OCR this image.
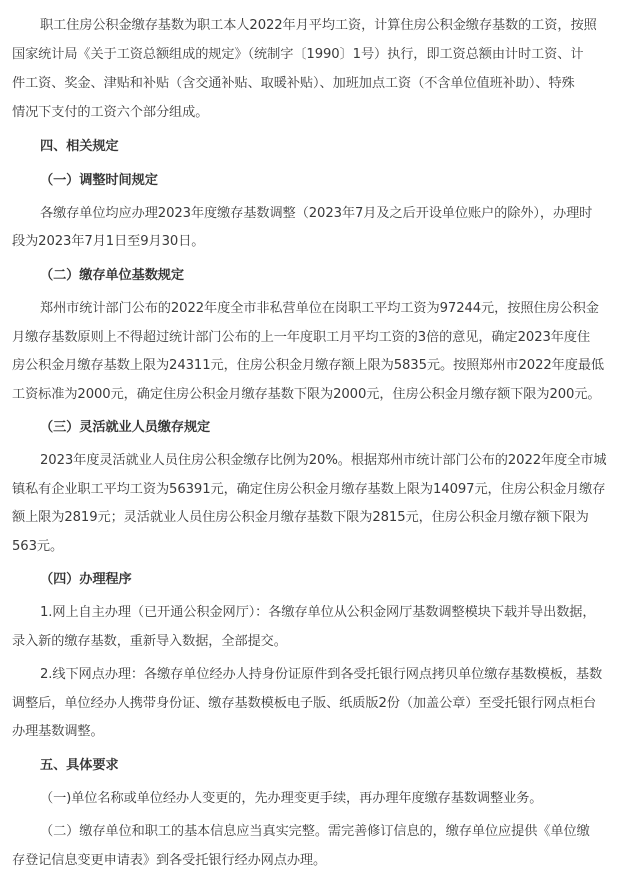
职工住房公积金缴存基数为职工本人2022年月平均工资，计算住房公积金缴存基数的工资，按照
国家统计局《关于工资总额组成的规定》（统制字〔1990〕1号）执行，即工资总额由计时工资、计
件工资、奖金、津贴和补贴（含交通补贴、取暖补贴）、加班加点工资（不含单位值班补助）、特殊
情况下支付的工资六个部分组成。
四、相关规定
（一）调整时间规定
各缴存单位均应办理2023年度缴存基数调整（2023年7月及之后开设单位账户的除外），办理时
段为2023年7月1日至9月30日。
（二）缴存单位基数规定
郑州市统计部门公布的2022年度全市非私营单位在岗职工平均工资为97244元，按照住房公积金
月缴存基数原则上不得超过统计部门公布的上一年度职工月平均工资的3倍的意见，确定2023年度住
房公积金月缴存基数上限为24311元，住房公积金月缴存额上限为5835元。按照郑州市2022年度最低
工资标准为2000元，确定住房公积金月缴存基数下限为2000元，住房公积金月缴存额下限为200元。
（三）灵活就业人员缴存规定
2023年度灵活就业人员住房公积金缴存比例为20%。根据郑州市统计部门公布的2022年度全市城
镇私有企业职工平均工资为56391元，确定住房公积金月缴存基数上限为14097元，住房公积金月缴存
额上限为2819元；灵活就业人员住房公积金月缴存基数下限为2815元，住房公积金月缴存额下限为
563元。
（四）办理程序
1.网上自主办理（已开通公积金网厅）：各缴存单位从公积金网厅基数调整模块下载并导出数据，
录入新的缴存基数，重新导入数据，全部提交。
2.线下网点办理：各缴存单位经办人持身份证原件到各受托银行网点拷贝单位缴存基数模板，基数
调整后，单位经办人携带身份证、缴存基数模板电子版、纸质版2份（加盖公章）至受托银行网点柜台
办理基数调整。
五、具体要求
（一)单位名称或单位经办人变更的，先办理变更手续，再办理年度缴存基数调整业务。
（二）缴存单位和职工的基本信息应当真实完整。需完善修订信息的，缴存单位应提供《单位缴
存登记信息变更申请表》到各受托银行经办网点办理。
